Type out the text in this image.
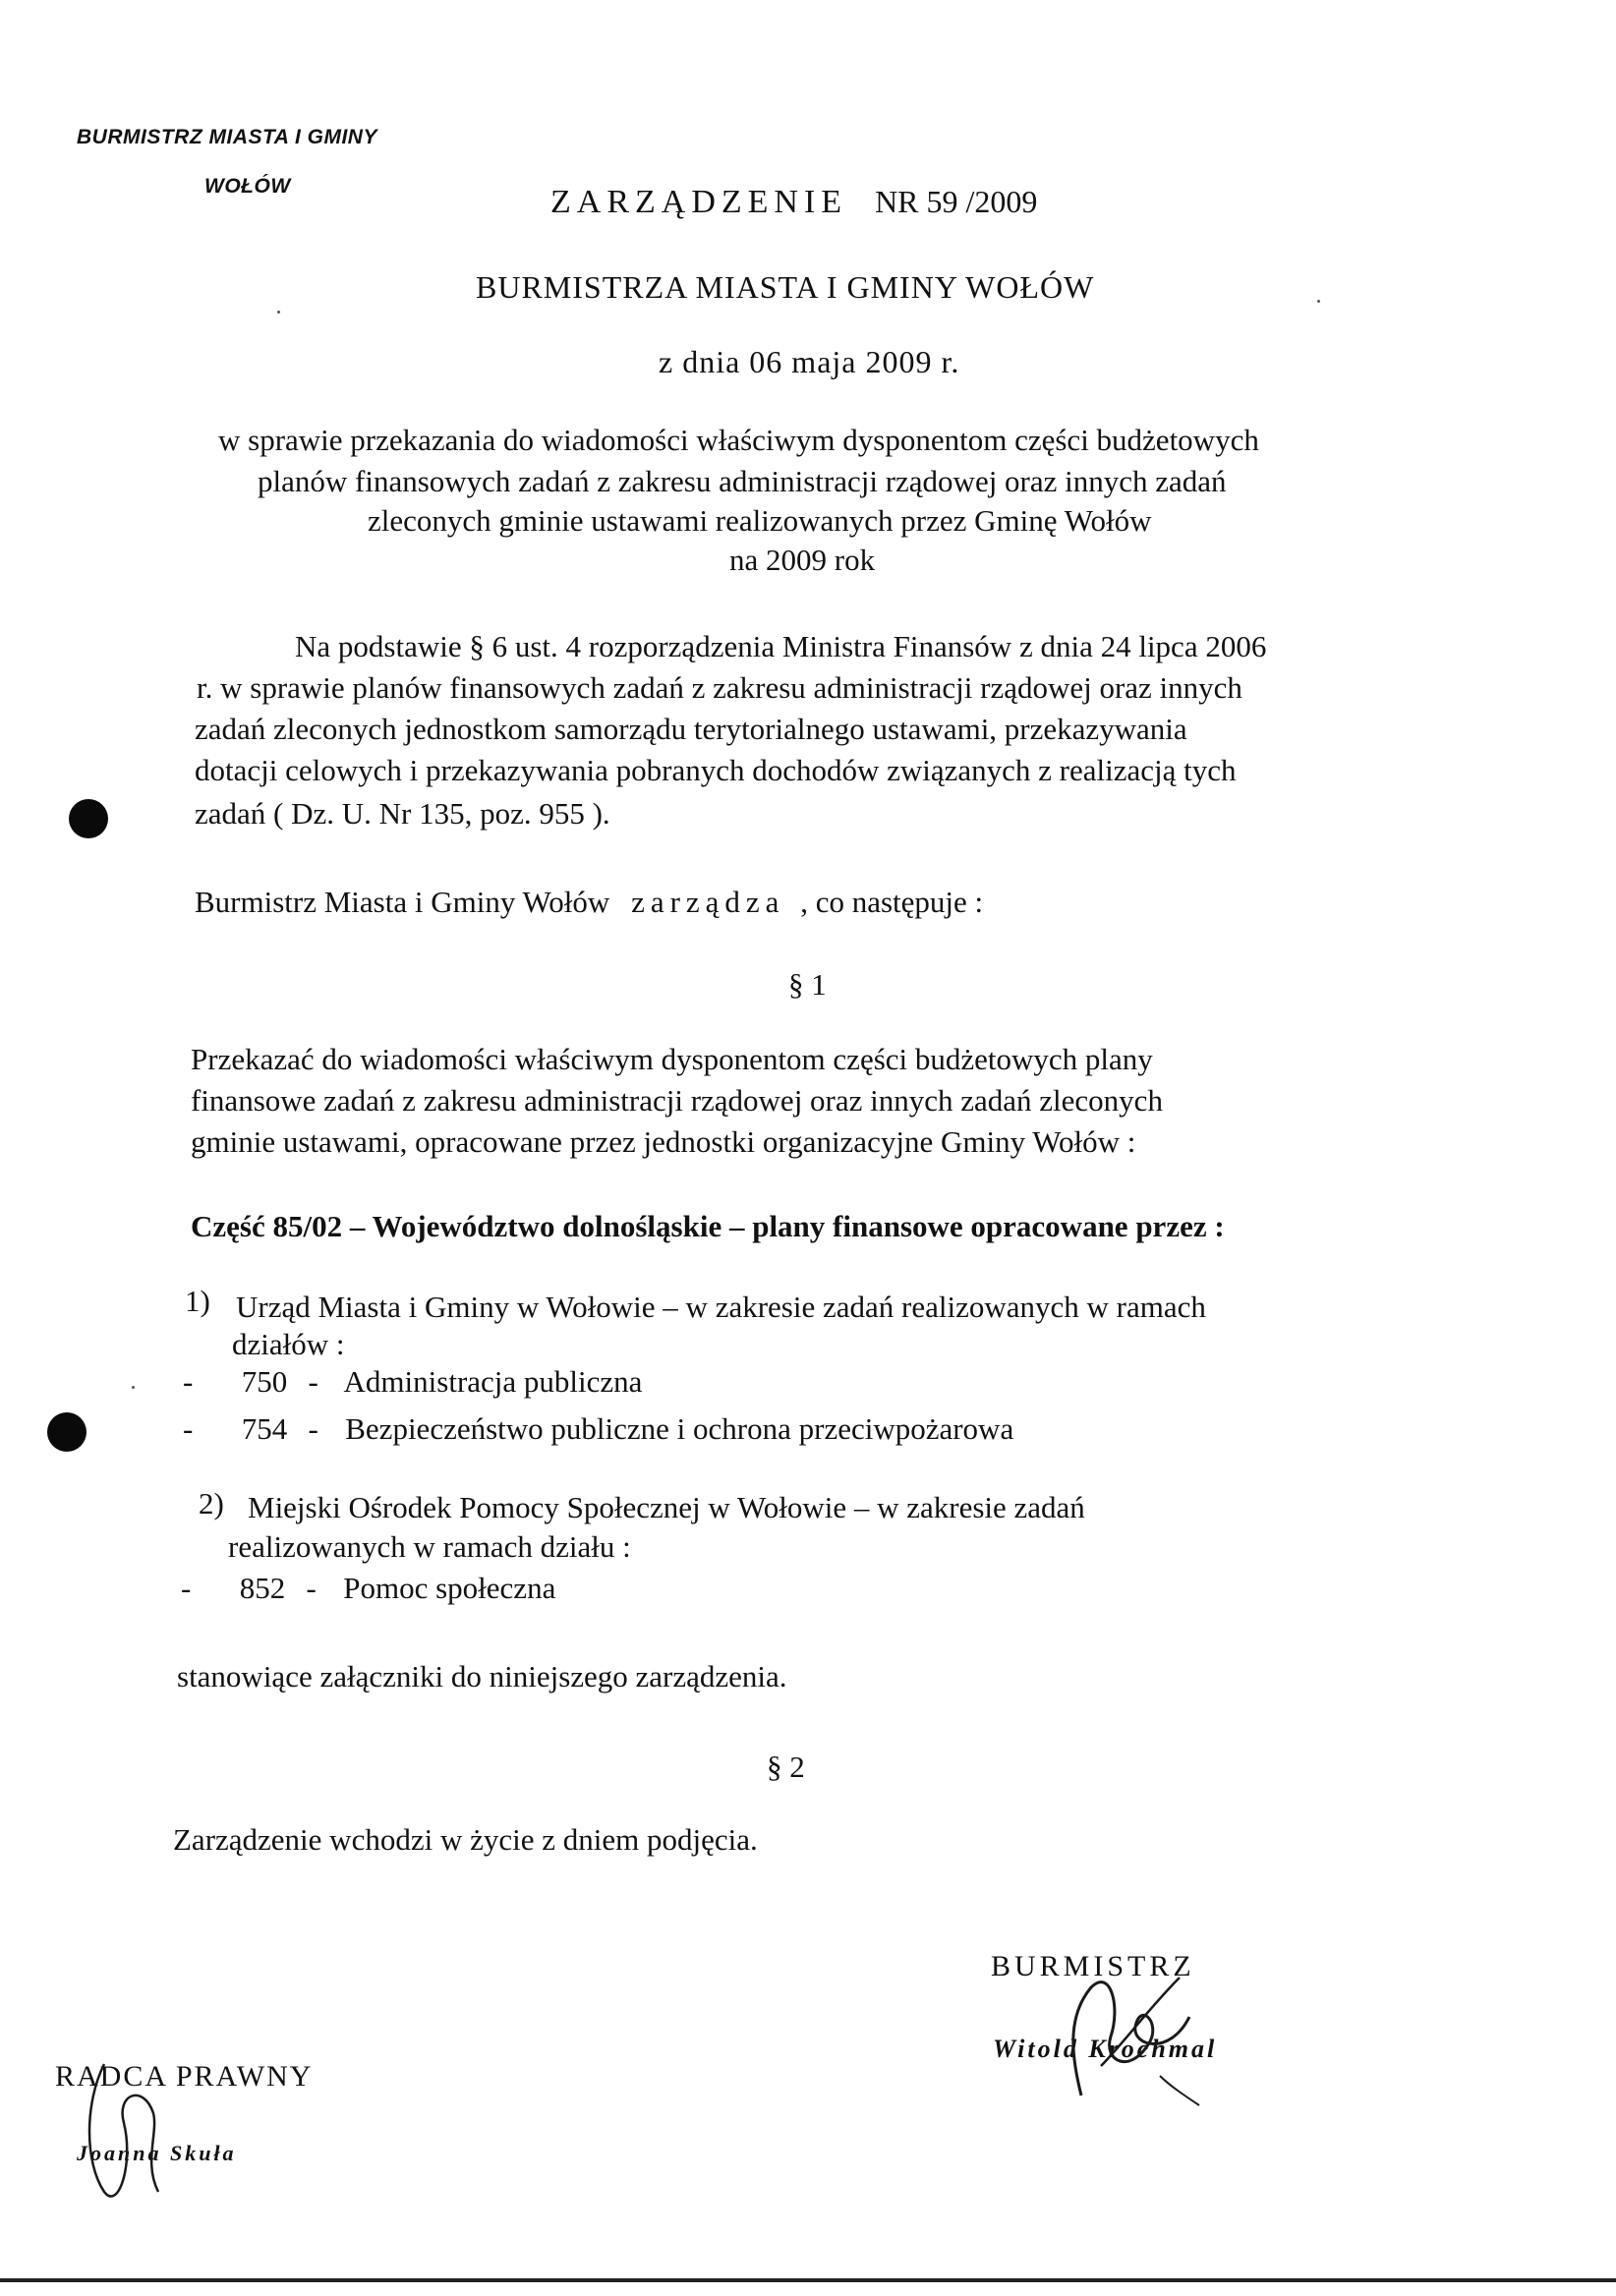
BURMISTRZ MIASTA I GMINY
WOŁÓW	ZARZĄDZENIE NR 59 /2009
BURMISTRZA MIASTA I GMINY WOŁÓW
z dnia 06 maja 2009 r.
w sprawie przekazania do wiadomości właściwym dysponentom części budżetowych
planów finansowych zadań z zakresu administracji rządowej oraz innych zadań
zleconych gminie ustawami realizowanych przez Gminę Wołów
na 2009 rok
Na podstawie § 6 ust. 4 rozporządzenia Ministra Finansów z dnia 24 lipca 2006
r. w sprawie planów finansowych zadań z zakresu administracji rządowej oraz innych
zadań zleconych jednostkom samorządu terytorialnego ustawami, przekazywania
dotacji celowych i przekazywania pobranych dochodów związanych z realizacją tych
zadań ( Dz. U. Nr 135, poz. 955 ).
Burmistrz Miasta i Gminy Wołów zarządza , co następuje :
§ 1
Przekazać do wiadomości właściwym dysponentom części budżetowych plany
finansowe zadań z zakresu administracji rządowej oraz innych zadań zleconych
gminie ustawami, opracowane przez jednostki organizacyjne Gminy Wołów :
Część 85/02 – Województwo dolnośląskie – plany finansowe opracowane przez :
1) Urząd Miasta i Gminy w Wołowie – w zakresie zadań realizowanych w ramach
działów :
- 750 - Administracja publiczna
- 754 - Bezpieczeństwo publiczne i ochrona przeciwpożarowa
2) Miejski Ośrodek Pomocy Społecznej w Wołowie – w zakresie zadań
realizowanych w ramach działu :
- 852 - Pomoc społeczna
stanowiące załączniki do niniejszego zarządzenia.
§ 2
Zarządzenie wchodzi w życie z dniem podjęcia.
BURMISTRZ
Witold Krochmal
RADCA PRAWNY
Joanna Skuła
